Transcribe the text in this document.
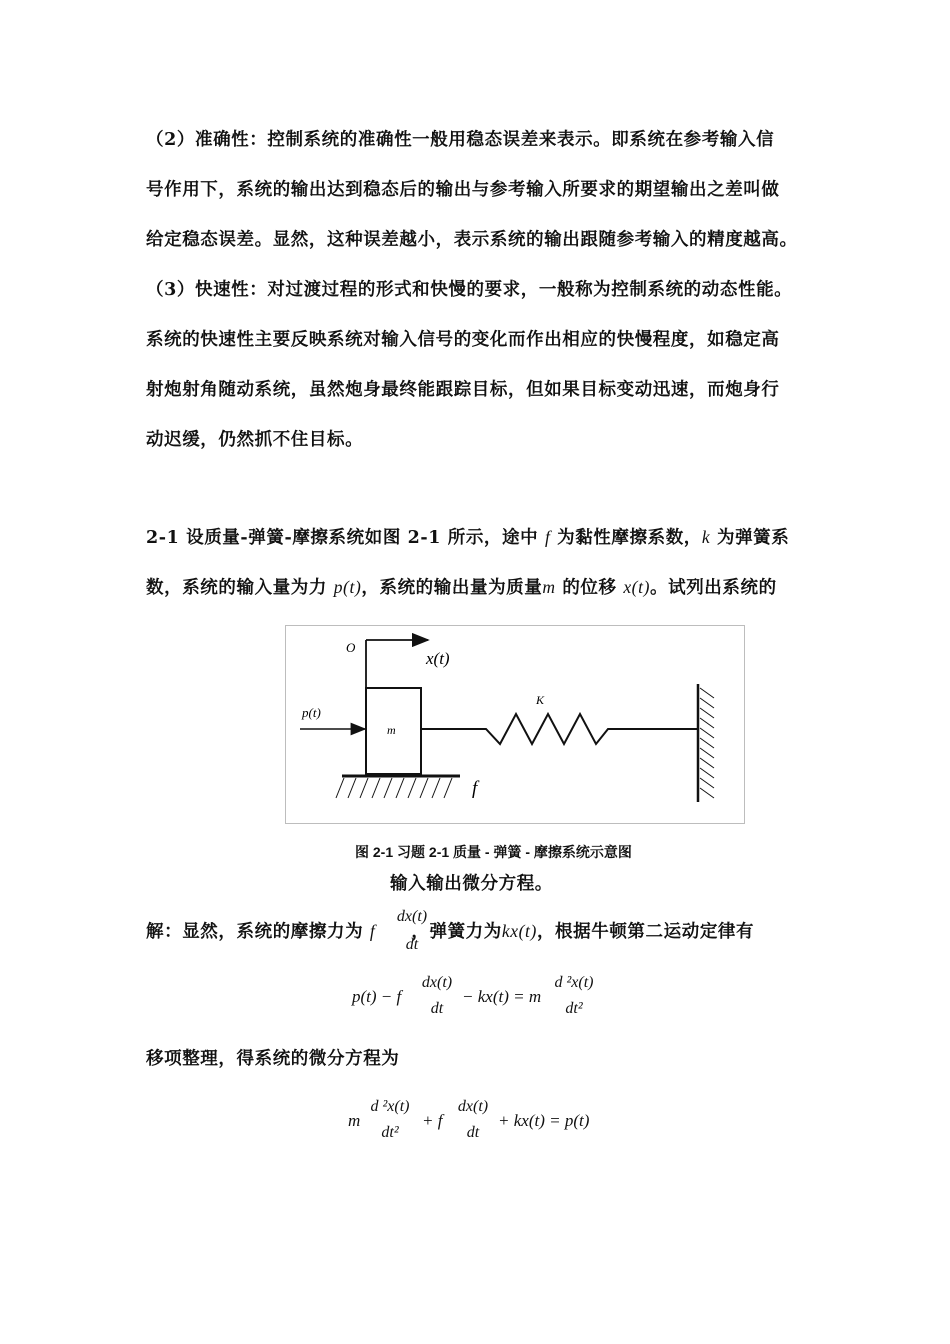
（2）准确性：控制系统的准确性一般用稳态误差来表示。即系统在参考输入信
号作用下，系统的输出达到稳态后的输出与参考输入所要求的期望输出之差叫做
给定稳态误差。显然，这种误差越小，表示系统的输出跟随参考输入的精度越高。
（3）快速性：对过渡过程的形式和快慢的要求，一般称为控制系统的动态性能。
系统的快速性主要反映系统对输入信号的变化而作出相应的快慢程度，如稳定高
射炮射角随动系统，虽然炮身最终能跟踪目标，但如果目标变动迅速，而炮身行
动迟缓，仍然抓不住目标。
2-1 设质量-弹簧-摩擦系统如图 2-1 所示，途中 f 为黏性摩擦系数，k 为弹簧系
数，系统的输入量为力 p(t)，系统的输出量为质量m 的位移 x(t)。试列出系统的
O
x(t)
m
p(t)
K
f
图 2-1 习题 2-1 质量 - 弹簧 - 摩擦系统示意图
输入输出微分方程。
解：显然，系统的摩擦力为 f ，弹簧力为kx(t)，根据牛顿第二运动定律有
dx(t)
dt
p(t) − f
dx(t)
dt
− kx(t) = m
d ²x(t)
dt²
移项整理，得系统的微分方程为
m
d ²x(t)
dt²
+ f
dx(t)
dt
+ kx(t) = p(t)
